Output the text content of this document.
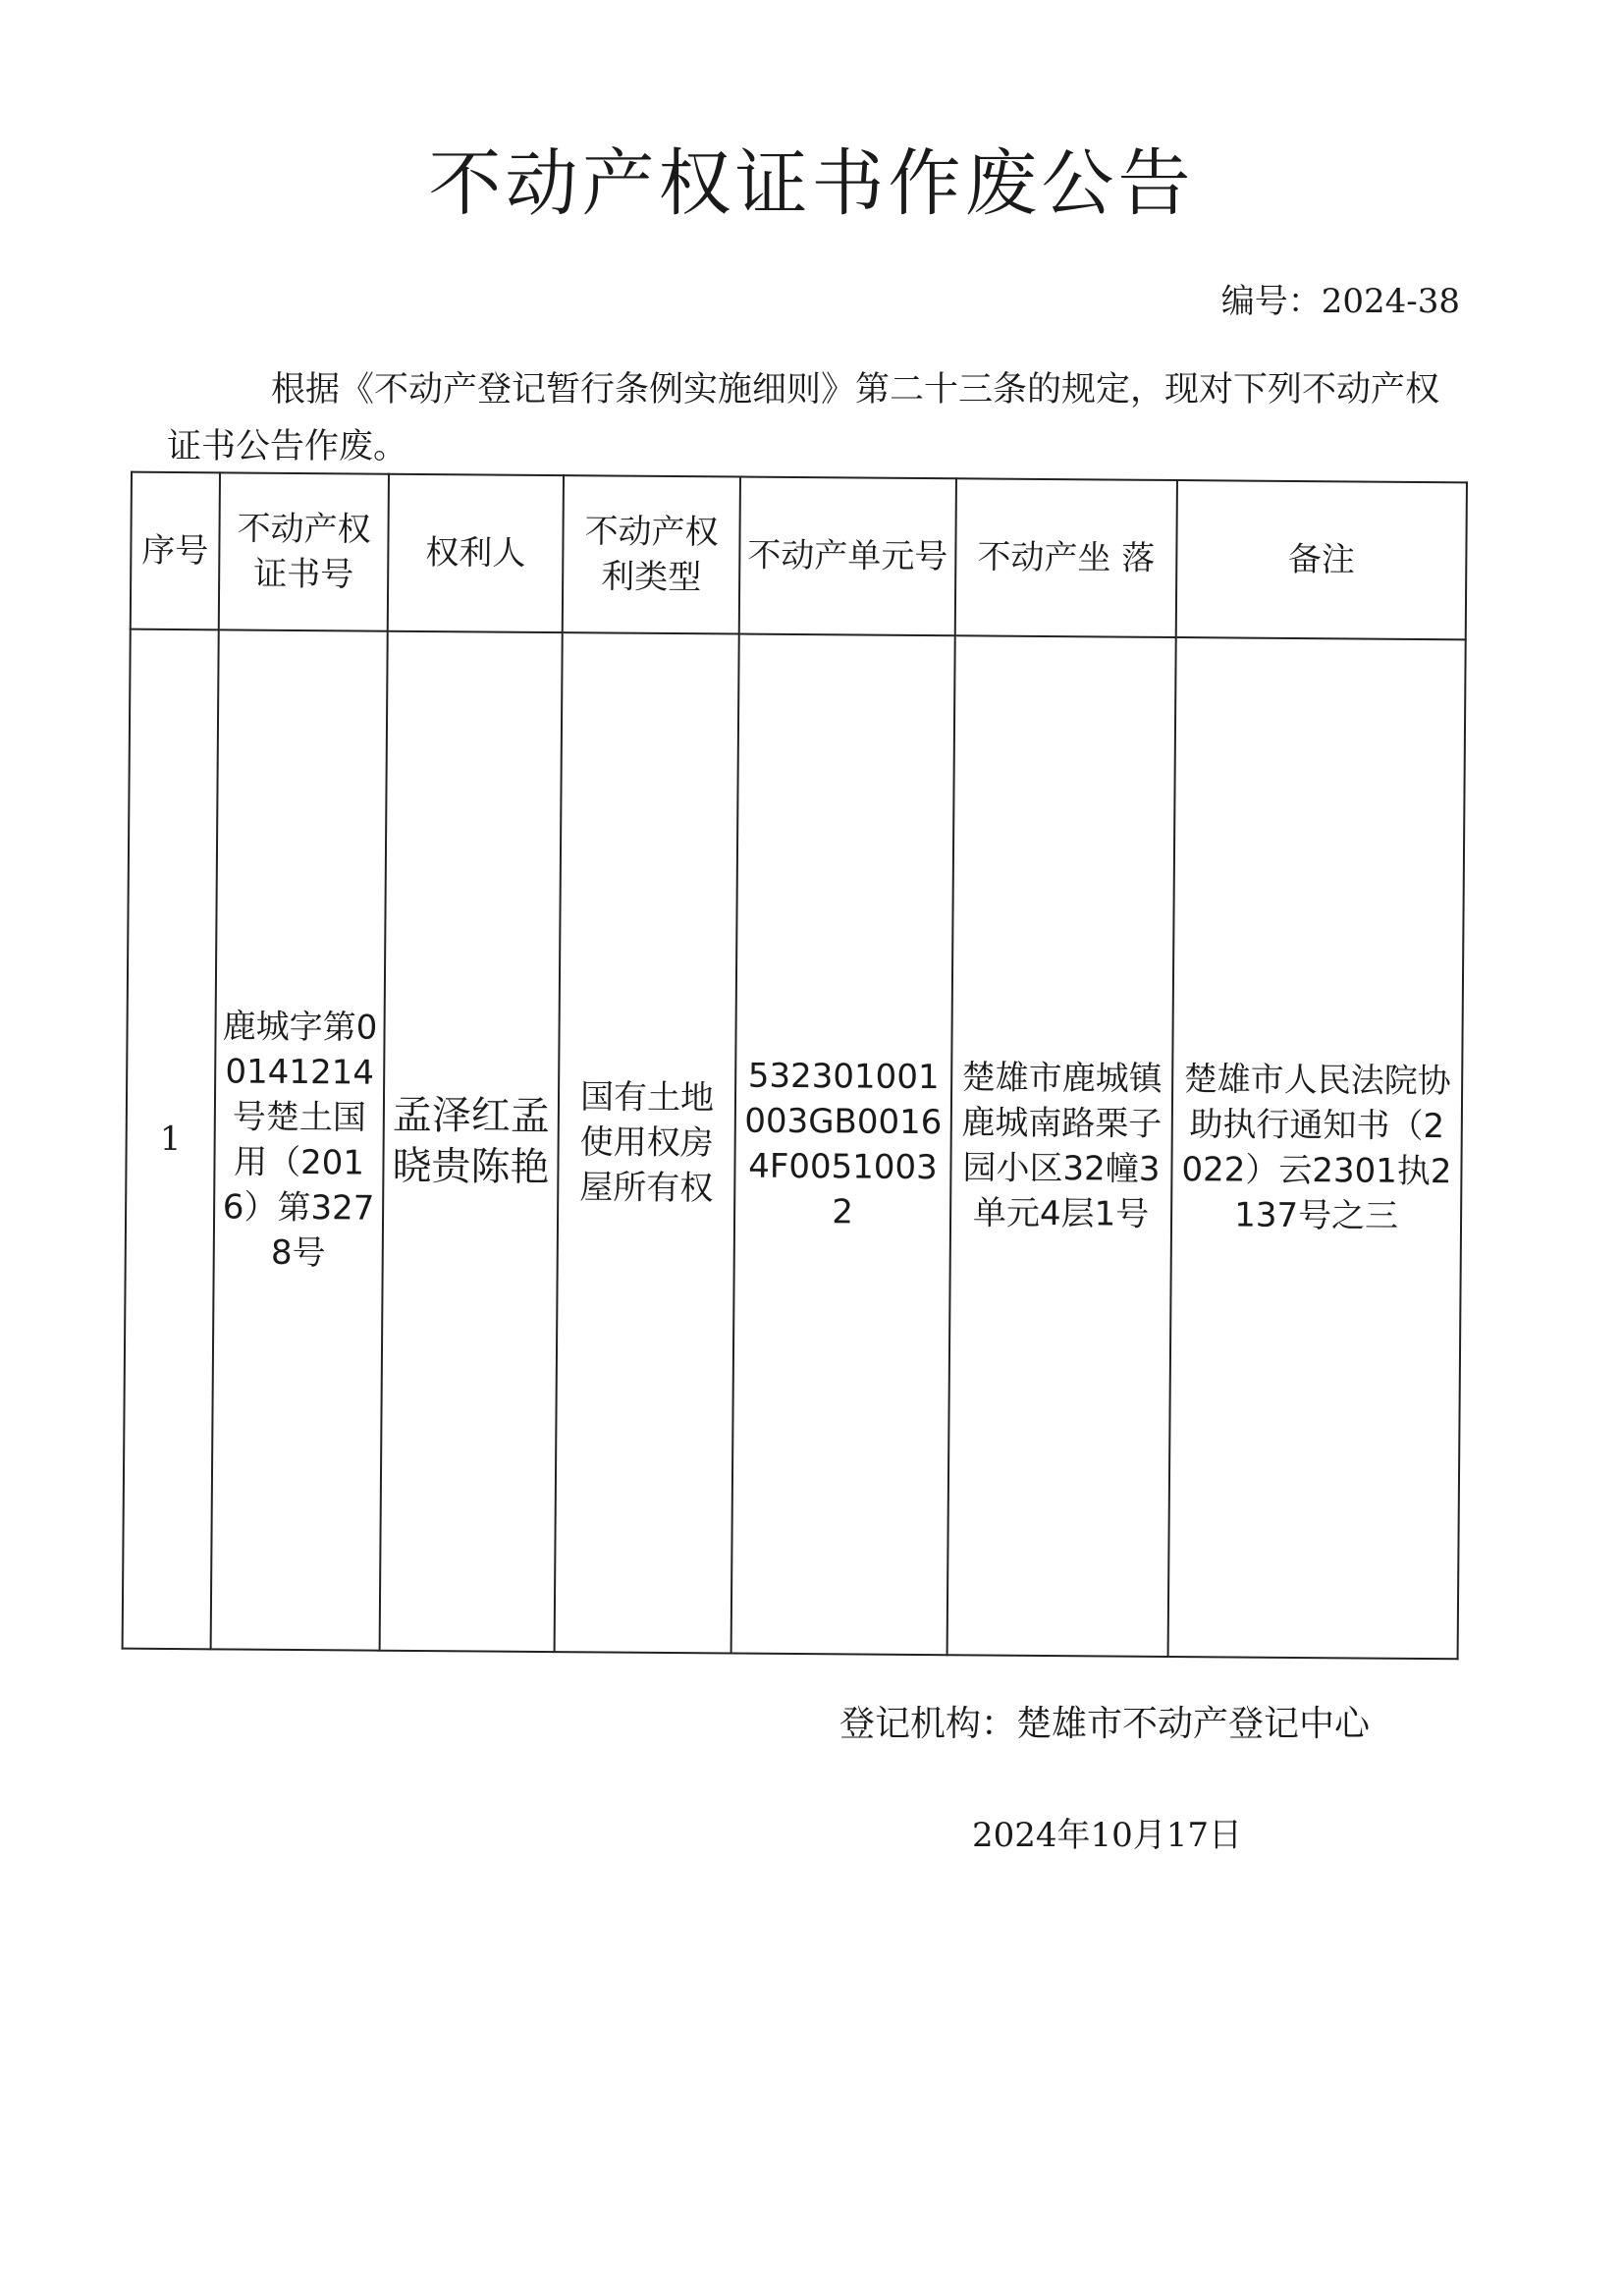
不动产权证书作废公告
编号：2024-38
根据《不动产登记暂行条例实施细则》第二十三条的规定，现对下列不动产权证书公告作废。
序号	不动产权证书号	权利人	不动产权利类型	不动产单元号	不动产坐 落	备注
1	鹿城字第00141214号楚土国用（2016）第3278号	孟泽红孟晓贵陈艳	国有土地使用权房屋所有权	532301001003GB00164F00510032	楚雄市鹿城镇鹿城南路栗子园小区32幢3单元4层1号	楚雄市人民法院协助执行通知书（2022）云2301执2137号之三
登记机构：楚雄市不动产登记中心
2024年10月17日
